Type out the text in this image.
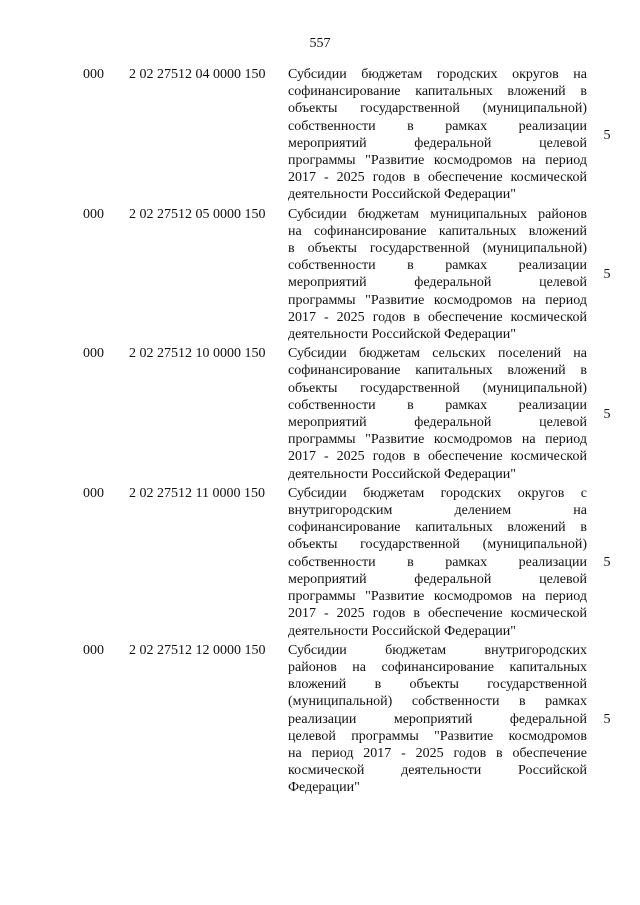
557
000 2 02 27512 04 0000 150 Субсидии бюджетам городских округов на
софинансирование капитальных вложений в
объекты государственной (муниципальной)
собственности в рамках реализации
мероприятий федеральной целевой
программы "Развитие космодромов на период
2017 - 2025 годов в обеспечение космической
деятельности Российской Федерации"
5
000 2 02 27512 05 0000 150 Субсидии бюджетам муниципальных районов
на софинансирование капитальных вложений
в объекты государственной (муниципальной)
собственности в рамках реализации
мероприятий федеральной целевой
программы "Развитие космодромов на период
2017 - 2025 годов в обеспечение космической
деятельности Российской Федерации"
5
000 2 02 27512 10 0000 150 Субсидии бюджетам сельских поселений на
софинансирование капитальных вложений в
объекты государственной (муниципальной)
собственности в рамках реализации
мероприятий федеральной целевой
программы "Развитие космодромов на период
2017 - 2025 годов в обеспечение космической
деятельности Российской Федерации"
5
000 2 02 27512 11 0000 150 Субсидии бюджетам городских округов с
внутригородским делением на
софинансирование капитальных вложений в
объекты государственной (муниципальной)
собственности в рамках реализации
мероприятий федеральной целевой
программы "Развитие космодромов на период
2017 - 2025 годов в обеспечение космической
деятельности Российской Федерации"
5
000 2 02 27512 12 0000 150 Субсидии бюджетам внутригородских
районов на софинансирование капитальных
вложений в объекты государственной
(муниципальной) собственности в рамках
реализации мероприятий федеральной
целевой программы "Развитие космодромов
на период 2017 - 2025 годов в обеспечение
космической деятельности Российской
Федерации"
5
